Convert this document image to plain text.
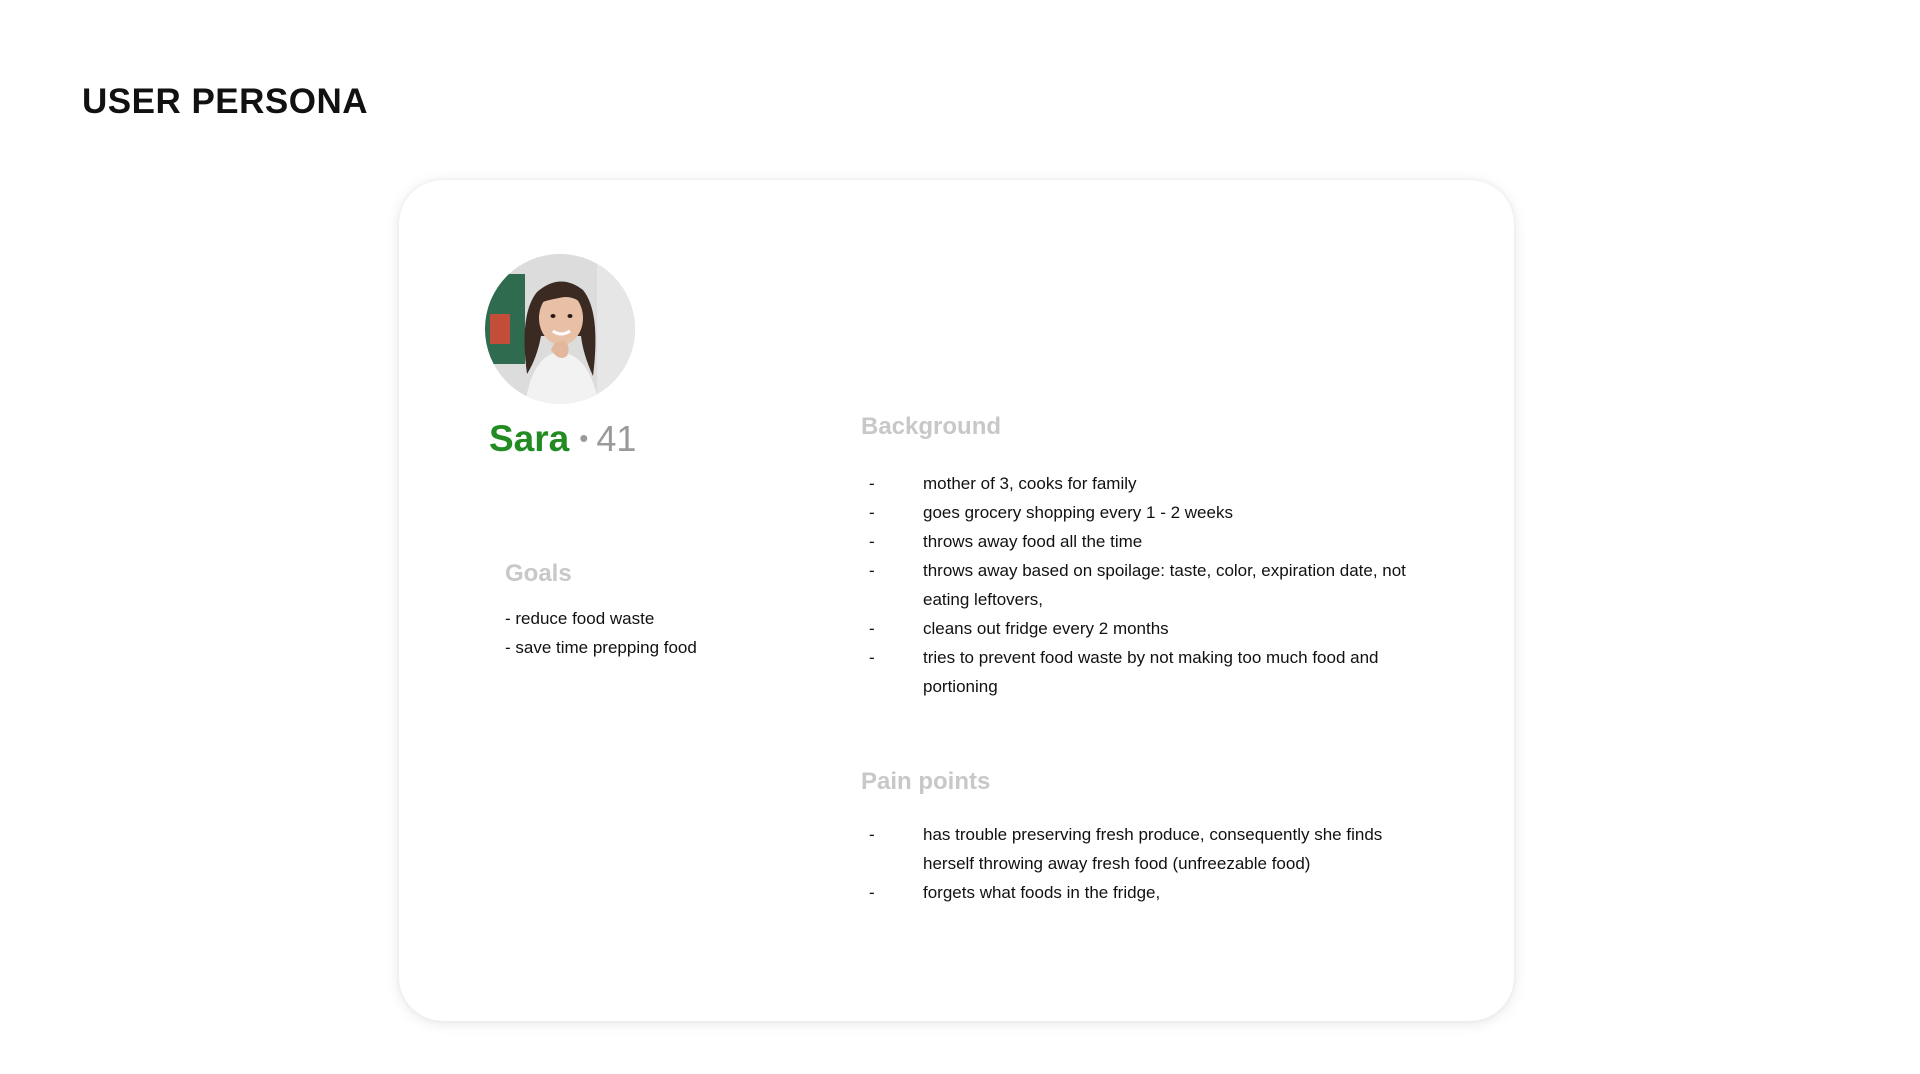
USER PERSONA
Sara • 41
Goals
- reduce food waste
- save time prepping food
Background
-	mother of 3, cooks for family
-	goes grocery shopping every 1 - 2 weeks
-	throws away food all the time
-	throws away based on spoilage: taste, color, expiration date, not eating leftovers,
-	cleans out fridge every 2 months
-	tries to prevent food waste by not making too much food and portioning
Pain points
-	has trouble preserving fresh produce, consequently she finds herself throwing away fresh food (unfreezable food)
-	forgets what foods in the fridge,
